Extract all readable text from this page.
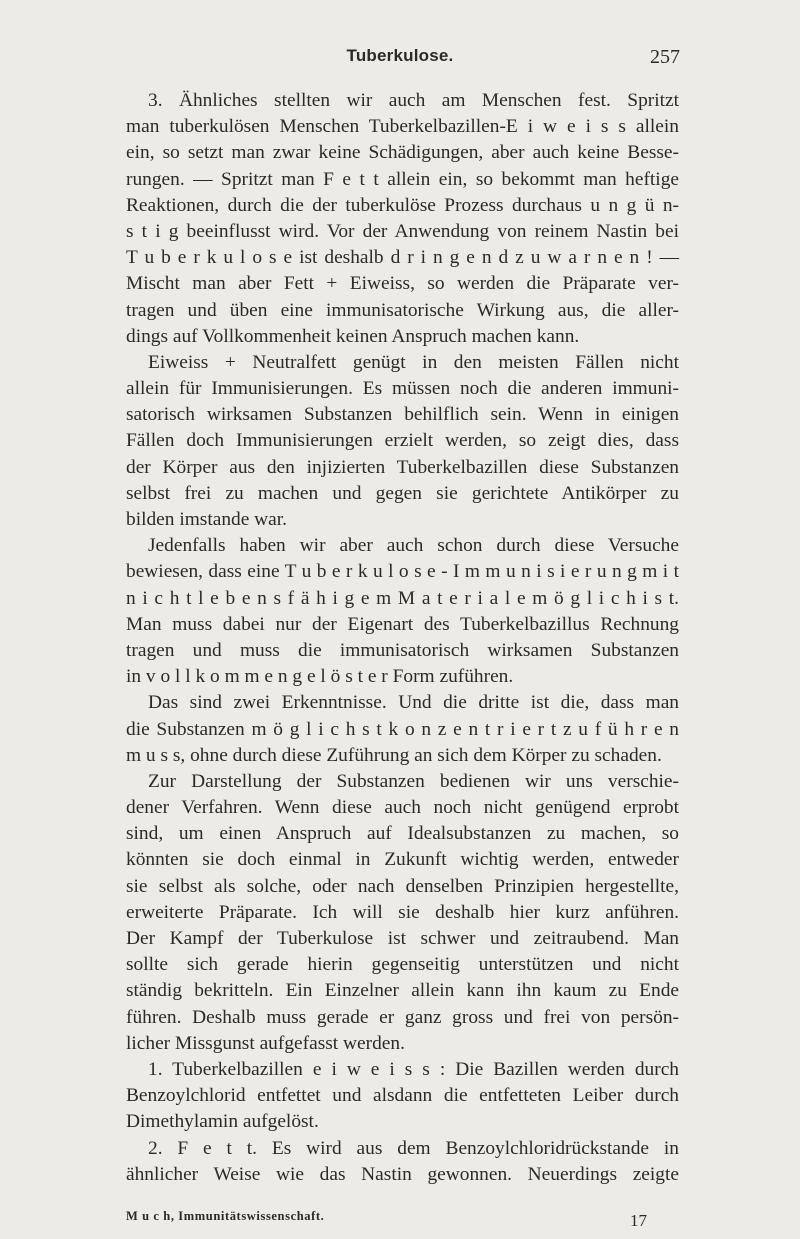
Tuberkulose.	257
3. Ähnliches stellten wir auch am Menschen fest. Spritzt
man tuberkulösen Menschen Tuberkelbazillen-E i w e i s s allein
ein, so setzt man zwar keine Schädigungen, aber auch keine Besse-
rungen. — Spritzt man F e t t allein ein, so bekommt man heftige
Reaktionen, durch die der tuberkulöse Prozess durchaus u n g ü n-
s t i g beeinflusst wird. Vor der Anwendung von reinem Nastin bei
T u b e r k u l o s e ist deshalb d r i n g e n d z u w a r n e n ! —
Mischt man aber Fett + Eiweiss, so werden die Präparate ver-
tragen und üben eine immunisatorische Wirkung aus, die aller-
dings auf Vollkommenheit keinen Anspruch machen kann.
Eiweiss + Neutralfett genügt in den meisten Fällen nicht
allein für Immunisierungen. Es müssen noch die anderen immuni-
satorisch wirksamen Substanzen behilflich sein. Wenn in einigen
Fällen doch Immunisierungen erzielt werden, so zeigt dies, dass
der Körper aus den injizierten Tuberkelbazillen diese Substanzen
selbst frei zu machen und gegen sie gerichtete Antikörper zu
bilden imstande war.
Jedenfalls haben wir aber auch schon durch diese Versuche
bewiesen, dass eine T u b e r k u l o s e - I m m u n i s i e r u n g m i t
n i c h t l e b e n s f ä h i g e m M a t e r i a l e m ö g l i c h i s t.
Man muss dabei nur der Eigenart des Tuberkelbazillus Rechnung
tragen und muss die immunisatorisch wirksamen Substanzen
in v o l l k o m m e n g e l ö s t e r Form zuführen.
Das sind zwei Erkenntnisse. Und die dritte ist die, dass man
die Substanzen m ö g l i c h s t k o n z e n t r i e r t z u f ü h r e n
m u s s, ohne durch diese Zuführung an sich dem Körper zu schaden.
Zur Darstellung der Substanzen bedienen wir uns verschie-
dener Verfahren. Wenn diese auch noch nicht genügend erprobt
sind, um einen Anspruch auf Idealsubstanzen zu machen, so
könnten sie doch einmal in Zukunft wichtig werden, entweder
sie selbst als solche, oder nach denselben Prinzipien hergestellte,
erweiterte Präparate. Ich will sie deshalb hier kurz anführen.
Der Kampf der Tuberkulose ist schwer und zeitraubend. Man
sollte sich gerade hierin gegenseitig unterstützen und nicht
ständig bekritteln. Ein Einzelner allein kann ihn kaum zu Ende
führen. Deshalb muss gerade er ganz gross und frei von persön-
licher Missgunst aufgefasst werden.
1. Tuberkelbazillen e i w e i s s : Die Bazillen werden durch
Benzoylchlorid entfettet und alsdann die entfetteten Leiber durch
Dimethylamin aufgelöst.
2. F e t t. Es wird aus dem Benzoylchloridrückstande in
ähnlicher Weise wie das Nastin gewonnen. Neuerdings zeigte
M u c h, Immunitätswissenschaft.	17
